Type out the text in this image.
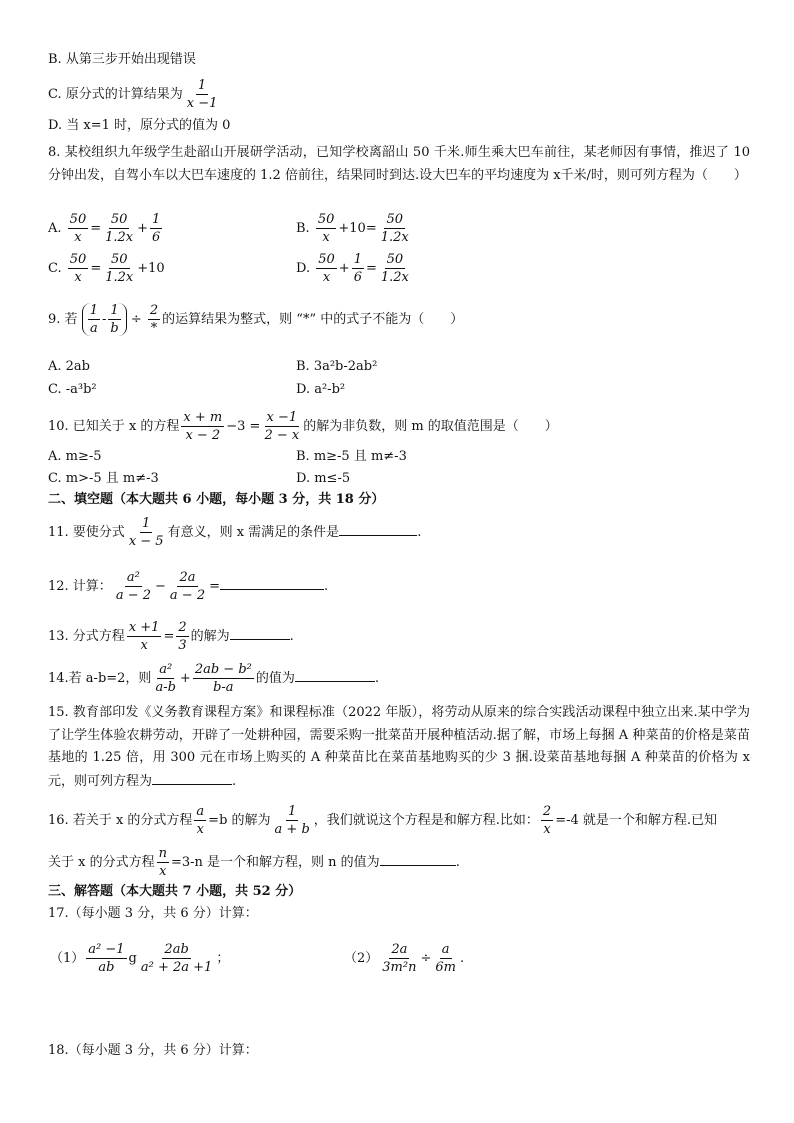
B. 从第三步开始出现错误
C. 原分式的计算结果为 $\frac{1}{x -1}$
D. 当 x=1 时，原分式的值为 0
8. 某校组织九年级学生赴韶山开展研学活动，已知学校离韶山 50 千米.师生乘大巴车前往，某老师因有事情，推迟了 10 分钟出发，自驾小车以大巴车速度的 1.2 倍前往，结果同时到达.设大巴车的平均速度为 x千米/时，则可列方程为（　　）
A. $\frac{50}{x} = \frac{50}{1.2x} + \frac{1}{6}$	B. $\frac{50}{x} +10= \frac{50}{1.2x}$
C. $\frac{50}{x} = \frac{50}{1.2x} +10$	D. $\frac{50}{x} + \frac{1}{6} = \frac{50}{1.2x}$
9. 若 $\frac{1}{a} - \frac{1}{b} \div \frac{2}{*}$ 的运算结果为整式，则 “*” 中的式子不能为（　　）
A. 2ab	B. 3a²b-2ab²
C. -a³b²	D. a²-b²
10. 已知关于 x 的方程 $\frac{x + m}{x - 2} -3 = \frac{x -1}{2 - x}$ 的解为非负数，则 m 的取值范围是（　　）
A. m≥-5	B. m≥-5 且 m≠-3
C. m>-5 且 m≠-3	D. m≤-5
二、填空题（本大题共 6 小题，每小题 3 分，共 18 分）
11. 要使分式 $\frac{1}{x - 5}$ 有意义，则 x 需满足的条件是	.
12. 计算： $\frac{\text{a²}}{a - 2} - \frac{2a}{a - 2}$ =	.
13. 分式方程 $\frac{x +1}{x} = \frac{2}{3}$ 的解为	.
14.若 a-b=2，则 $\frac{\text{a²}}{a-b} + \frac{\text{2ab − b²}}{b-a}$ 的值为	.
15. 教育部印发《义务教育课程方案》和课程标准（2022 年版），将劳动从原来的综合实践活动课程中独立出来.某中学为了让学生体验农耕劳动，开辟了一处耕种园，需要采购一批菜苗开展种植活动.据了解，市场上每捆 A 种菜苗的价格是菜苗基地的 1.25 倍，用 300 元在市场上购买的 A 种菜苗比在菜苗基地购买的少 3 捆.设菜苗基地每捆 A 种菜苗的价格为 x 元，则可列方程为	.
16. 若关于 x 的分式方程 $\frac{a}{x} =b$ 的解为 $\frac{1}{a + b}$ ，我们就说这个方程是和解方程.比如： $\frac{2}{x} =-4$ 就是一个和解方程.已知
关于 x 的分式方程 $\frac{n}{x} =3-n$ 是一个和解方程，则 n 的值为	.
三、解答题（本大题共 7 小题，共 52 分）
17.（每小题 3 分，共 6 分）计算：
$(1) \frac{\text{a² −1}}{ab}$ g $\frac{2ab}{\text{a² + 2a +1}}$ ；	$(2) \frac{2a}{\text{3m²n}} \div \frac{a}{6m}$ .
18.（每小题 3 分，共 6 分）计算：
